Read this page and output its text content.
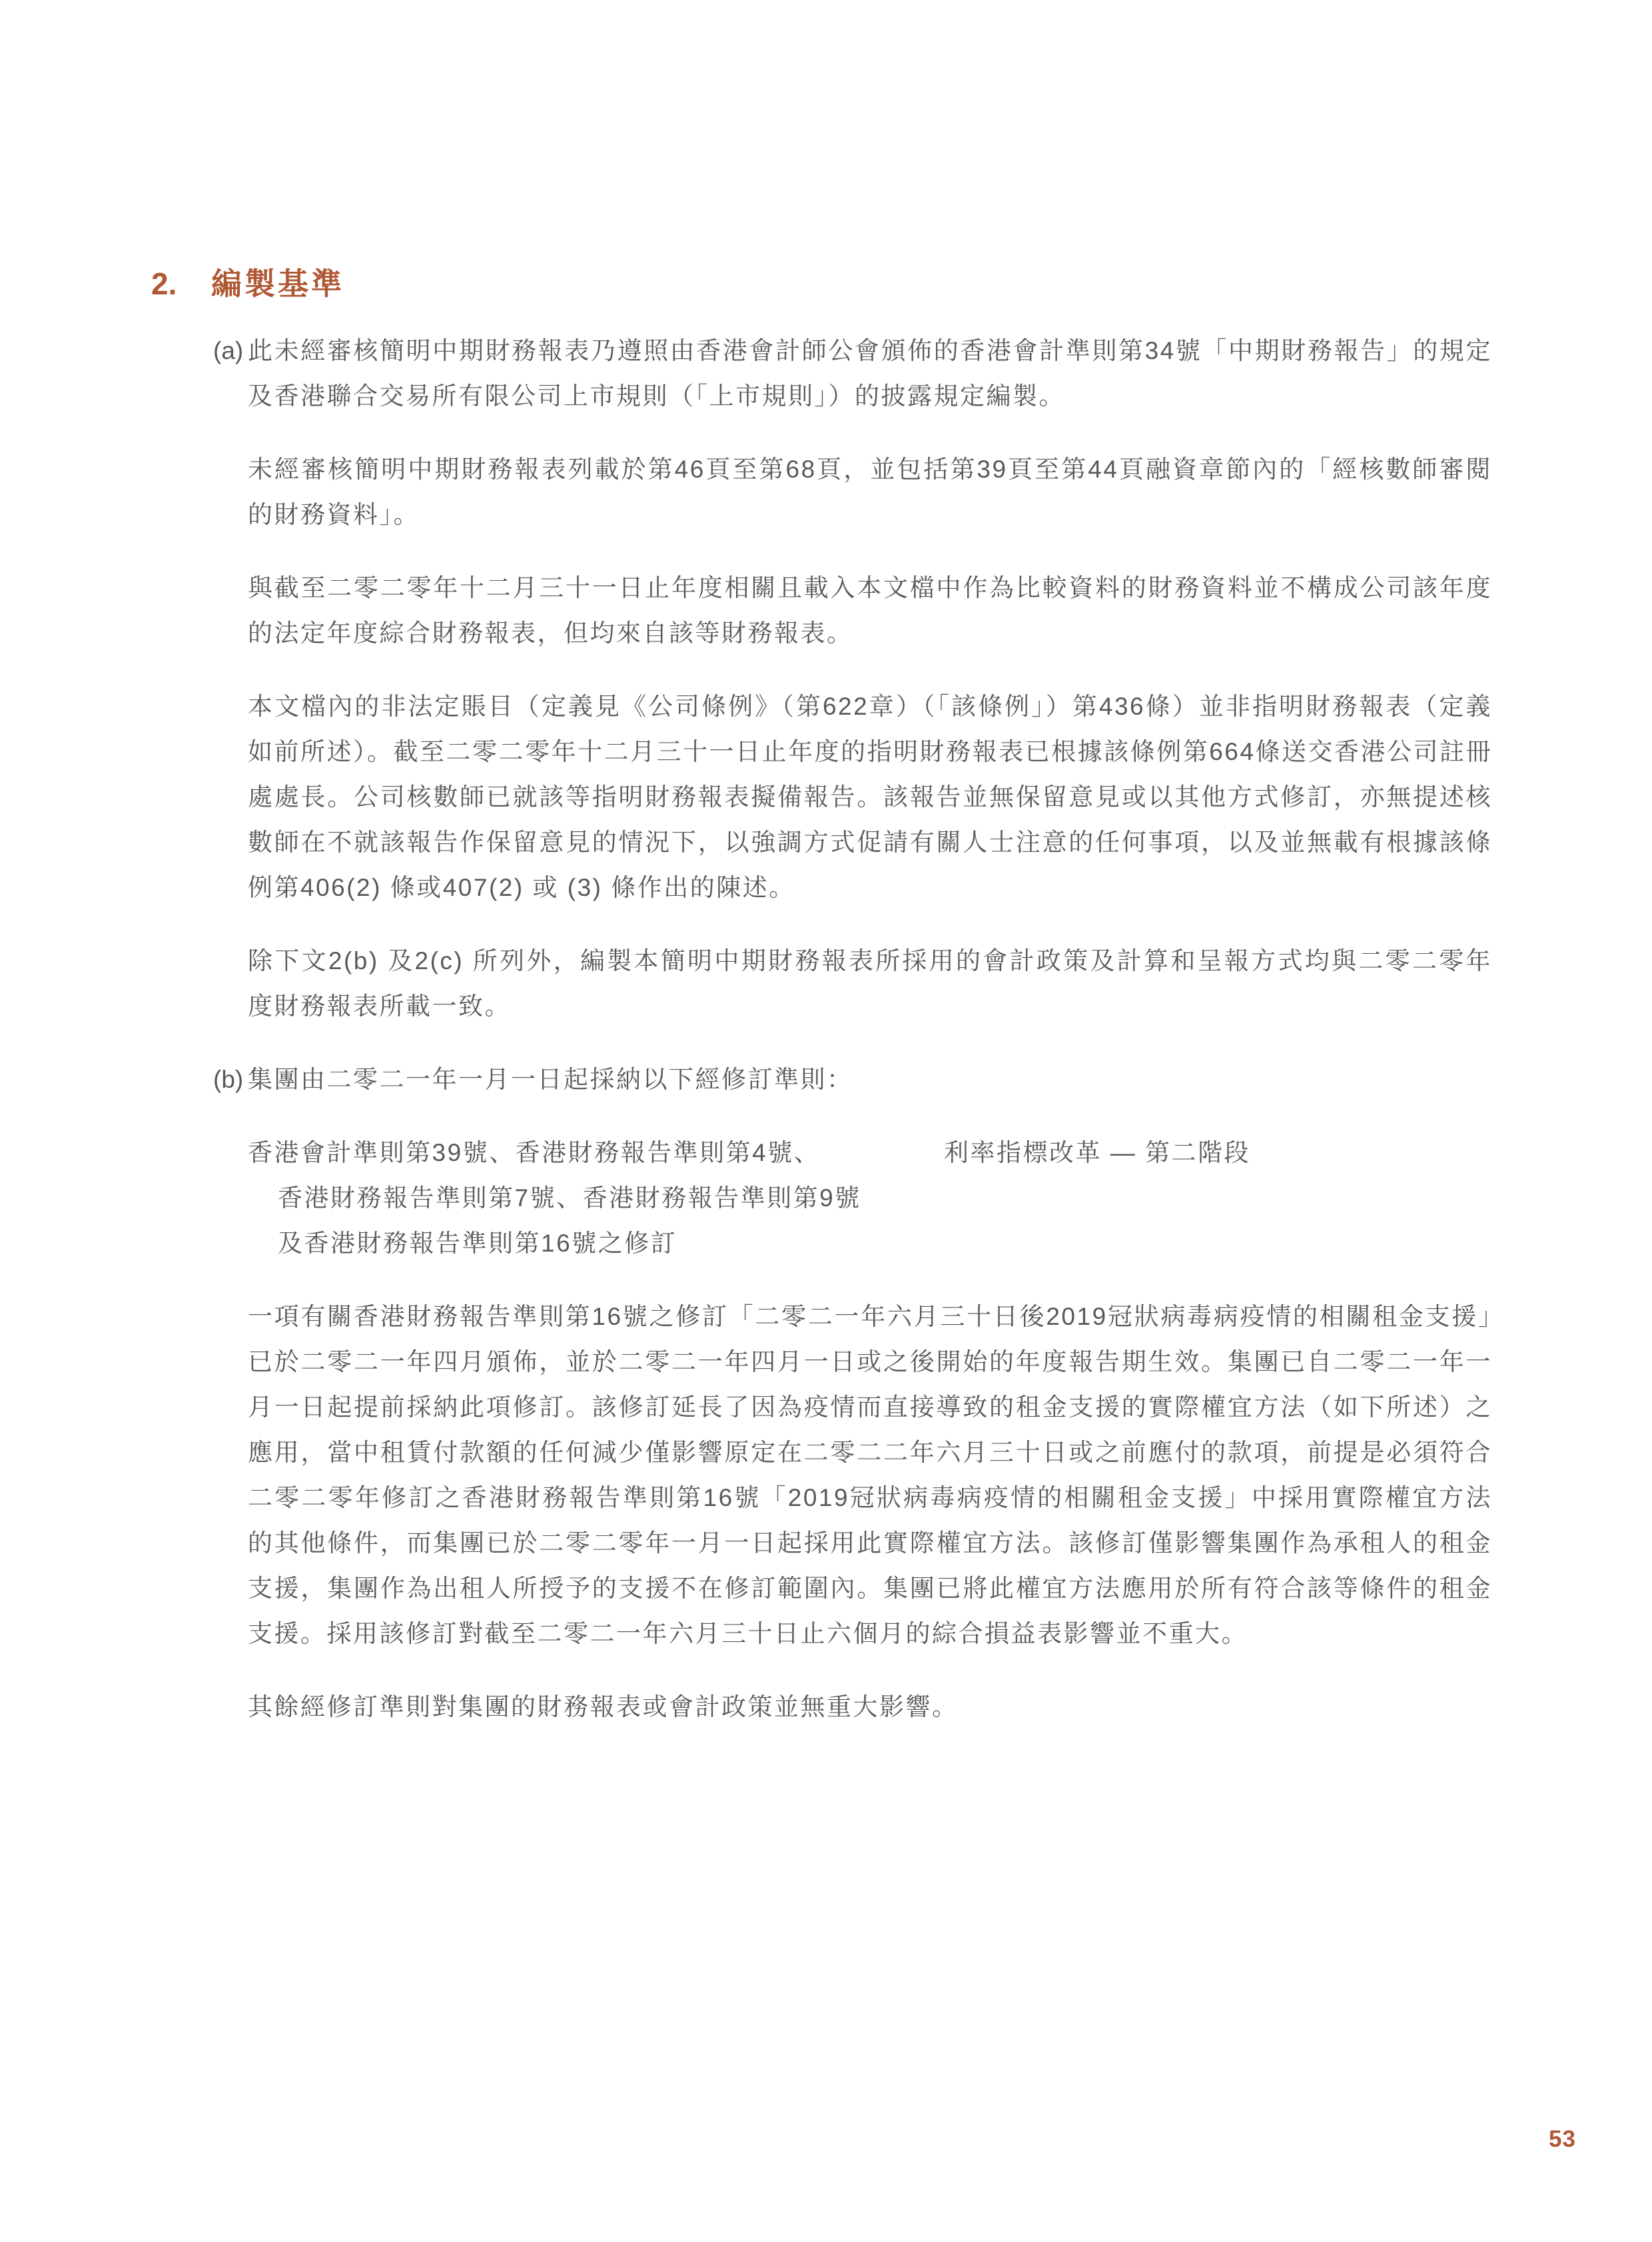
2.	編製基準
(a) 此未經審核簡明中期財務報表乃遵照由香港會計師公會頒佈的香港會計準則第34號「中期財務報告」的規定及香港聯合交易所有限公司上市規則（「上市規則」）的披露規定編製。

未經審核簡明中期財務報表列載於第46頁至第68頁，並包括第39頁至第44頁融資章節內的「經核數師審閱的財務資料」。

與截至二零二零年十二月三十一日止年度相關且載入本文檔中作為比較資料的財務資料並不構成公司該年度的法定年度綜合財務報表，但均來自該等財務報表。

本文檔內的非法定賬目（定義見《公司條例》（第622章）（「該條例」）第436條）並非指明財務報表（定義如前所述）。截至二零二零年十二月三十一日止年度的指明財務報表已根據該條例第664條送交香港公司註冊處處長。公司核數師已就該等指明財務報表擬備報告。該報告並無保留意見或以其他方式修訂，亦無提述核數師在不就該報告作保留意見的情況下，以強調方式促請有關人士注意的任何事項，以及並無載有根據該條例第406(2) 條或407(2) 或 (3) 條作出的陳述。

除下文2(b) 及2(c) 所列外，編製本簡明中期財務報表所採用的會計政策及計算和呈報方式均與二零二零年度財務報表所載一致。

(b) 集團由二零二一年一月一日起採納以下經修訂準則：

香港會計準則第39號、香港財務報告準則第4號、
香港財務報告準則第7號、香港財務報告準則第9號
及香港財務報告準則第16號之修訂
利率指標改革 — 第二階段

一項有關香港財務報告準則第16號之修訂「二零二一年六月三十日後2019冠狀病毒病疫情的相關租金支援」已於二零二一年四月頒佈，並於二零二一年四月一日或之後開始的年度報告期生效。集團已自二零二一年一月一日起提前採納此項修訂。該修訂延長了因為疫情而直接導致的租金支援的實際權宜方法（如下所述）之應用，當中租賃付款額的任何減少僅影響原定在二零二二年六月三十日或之前應付的款項，前提是必須符合二零二零年修訂之香港財務報告準則第16號「2019冠狀病毒病疫情的相關租金支援」中採用實際權宜方法的其他條件，而集團已於二零二零年一月一日起採用此實際權宜方法。該修訂僅影響集團作為承租人的租金支援，集團作為出租人所授予的支援不在修訂範圍內。集團已將此權宜方法應用於所有符合該等條件的租金支援。採用該修訂對截至二零二一年六月三十日止六個月的綜合損益表影響並不重大。

其餘經修訂準則對集團的財務報表或會計政策並無重大影響。

53
